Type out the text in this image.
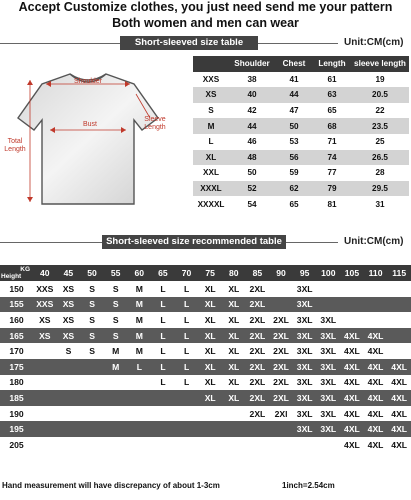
Accept Customize clothes, you just need send me your pattern
Both women and men can wear
Short-sleeved size table	Unit:CM(cm)
Shoulder
Bust
Sleeve Length
Total Length
	Shoulder	Chest	Length	sleeve length
XXS	38	41	61	19
XS	40	44	63	20.5
S	42	47	65	22
M	44	50	68	23.5
L	46	53	71	25
XL	48	56	74	26.5
XXL	50	59	77	28
XXXL	52	62	79	29.5
XXXXL	54	65	81	31
Short-sleeved size recommended table	Unit:CM(cm)
KG
Height	40	45	50	55	60	65	70	75	80	85	90	95	100	105	110	115
150	XXS	XS	S	S	M	L	L	XL	XL	2XL		3XL				
155	XXS	XS	S	S	M	L	L	XL	XL	2XL		3XL				
160	XS	XS	S	S	M	L	L	XL	XL	2XL	2XL	3XL	3XL			
165	XS	XS	S	S	M	L	L	XL	XL	2XL	2XL	3XL	3XL	4XL	4XL	
170		S	S	M	M	L	L	XL	XL	2XL	2XL	3XL	3XL	4XL	4XL	
175				M	L	L	L	XL	XL	2XL	2XL	3XL	3XL	4XL	4XL	4XL
180						L	L	XL	XL	2XL	2XL	3XL	3XL	4XL	4XL	4XL
185								XL	XL	2XL	2XL	3XL	3XL	4XL	4XL	4XL
190										2XL	2Xl	3XL	3XL	4XL	4XL	4XL
195												3XL	3XL	4XL	4XL	4XL
205														4XL	4XL	4XL
Hand measurement will have discrepancy of about 1-3cm	1inch=2.54cm
